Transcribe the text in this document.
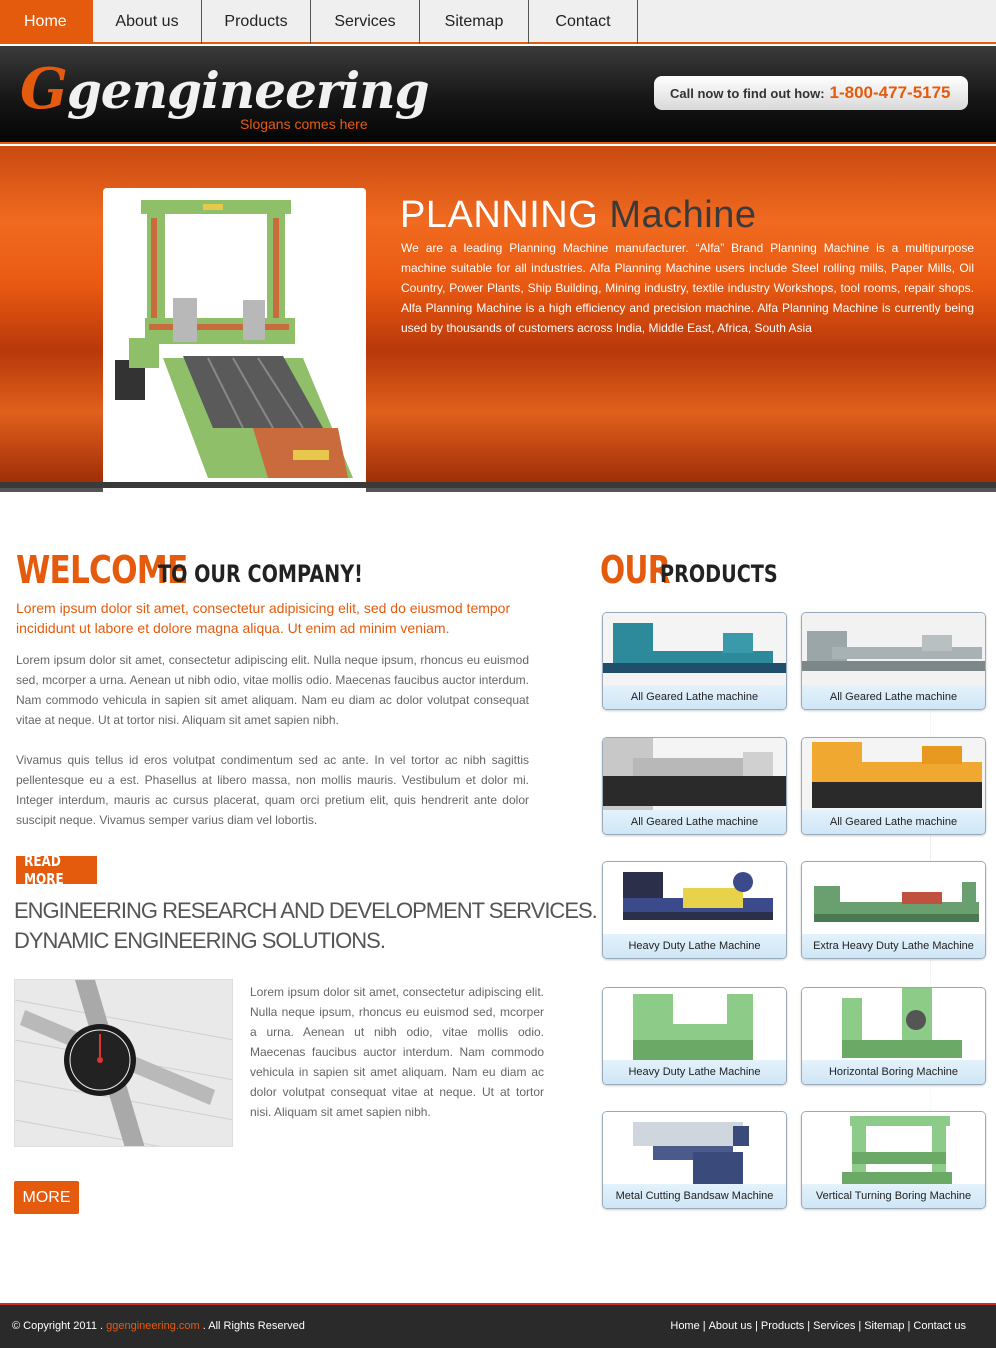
Home	About us	Products	Services	Sitemap	Contact
Ggengineering
Slogans comes here
Call now to find out how: 1-800-477-5175
PLANNING Machine
We are a leading Planning Machine manufacturer. “Alfa” Brand Planning Machine is a multipurpose machine suitable for all industries. Alfa Planning Machine users include Steel rolling mills, Paper Mills, Oil Country, Power Plants, Ship Building, Mining industry, textile industry Workshops, tool rooms, repair shops. Alfa Planning Machine is a high efficiency and precision machine. Alfa Planning Machine is currently being used by thousands of customers across India, Middle East, Africa, South Asia
WELCOME
TO OUR COMPANY!
Lorem ipsum dolor sit amet, consectetur adipisicing elit, sed do eiusmod tempor incididunt ut labore et dolore magna aliqua. Ut enim ad minim veniam.
Lorem ipsum dolor sit amet, consectetur adipiscing elit. Nulla neque ipsum, rhoncus eu euismod sed, mcorper a urna. Aenean ut nibh odio, vitae mollis odio. Maecenas faucibus auctor interdum. Nam commodo vehicula in sapien sit amet aliquam. Nam eu diam ac dolor volutpat consequat vitae at neque. Ut at tortor nisi. Aliquam sit amet sapien nibh.
Vivamus quis tellus id eros volutpat condimentum sed ac ante. In vel tortor ac nibh sagittis pellentesque eu a est. Phasellus at libero massa, non mollis mauris. Vestibulum et dolor mi. Integer interdum, mauris ac cursus placerat, quam orci pretium elit, quis hendrerit ante dolor suscipit neque. Vivamus semper varius diam vel lobortis.
READ MORE
ENGINEERING RESEARCH AND DEVELOPMENT SERVICES.
DYNAMIC ENGINEERING SOLUTIONS.
Lorem ipsum dolor sit amet, consectetur adipiscing elit. Nulla neque ipsum, rhoncus eu euismod sed, mcorper a urna. Aenean ut nibh odio, vitae mollis odio. Maecenas faucibus auctor interdum. Nam commodo vehicula in sapien sit amet aliquam. Nam eu diam ac dolor volutpat consequat vitae at neque. Ut at tortor nisi. Aliquam sit amet sapien nibh.
MORE
OUR
PRODUCTS
All Geared Lathe machine	All Geared Lathe machine
All Geared Lathe machine	All Geared Lathe machine
Heavy Duty Lathe Machine	Extra Heavy Duty Lathe Machine
Heavy Duty Lathe Machine	Horizontal Boring Machine
Metal Cutting Bandsaw Machine	Vertical Turning Boring Machine
© Copyright 2011 . ggengineering.com . All Rights Reserved	Home | About us | Products | Services | Sitemap | Contact us
